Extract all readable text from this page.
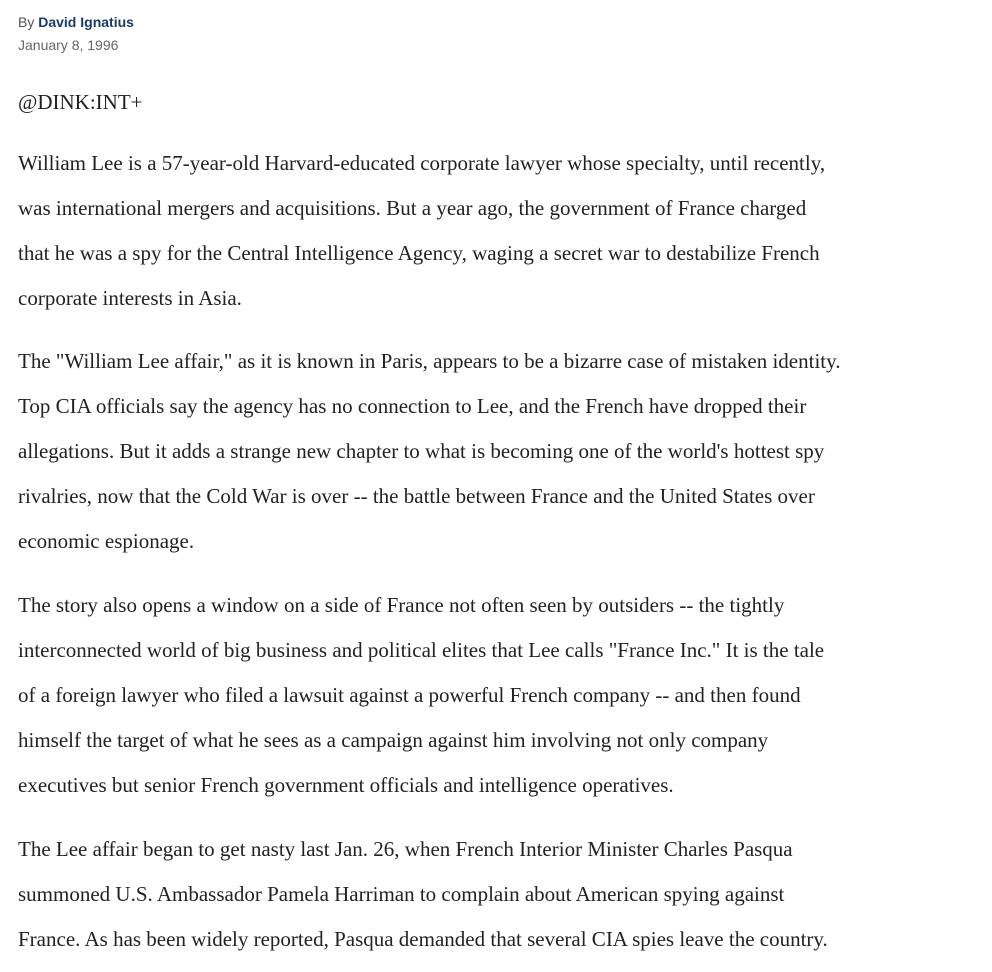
By David Ignatius
January 8, 1996
@DINK:INT+

William Lee is a 57-year-old Harvard-educated corporate lawyer whose specialty, until recently,
was international mergers and acquisitions. But a year ago, the government of France charged
that he was a spy for the Central Intelligence Agency, waging a secret war to destabilize French
corporate interests in Asia.

The "William Lee affair," as it is known in Paris, appears to be a bizarre case of mistaken identity.
Top CIA officials say the agency has no connection to Lee, and the French have dropped their
allegations. But it adds a strange new chapter to what is becoming one of the world's hottest spy
rivalries, now that the Cold War is over -- the battle between France and the United States over
economic espionage.

The story also opens a window on a side of France not often seen by outsiders -- the tightly
interconnected world of big business and political elites that Lee calls "France Inc." It is the tale
of a foreign lawyer who filed a lawsuit against a powerful French company -- and then found
himself the target of what he sees as a campaign against him involving not only company
executives but senior French government officials and intelligence operatives.

The Lee affair began to get nasty last Jan. 26, when French Interior Minister Charles Pasqua
summoned U.S. Ambassador Pamela Harriman to complain about American spying against
France. As has been widely reported, Pasqua demanded that several CIA spies leave the country.
